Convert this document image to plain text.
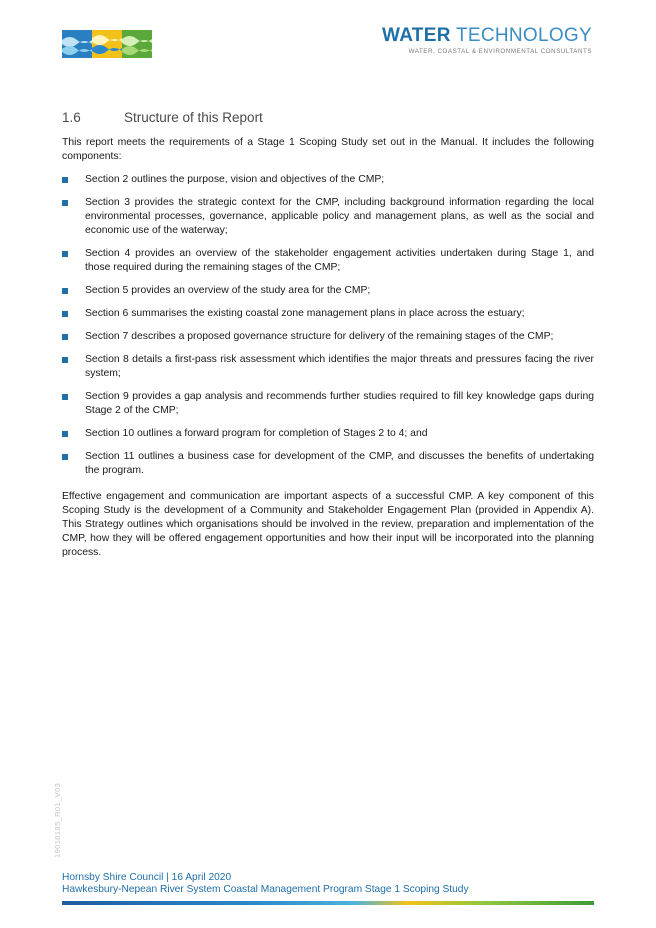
WATER TECHNOLOGY
WATER, COASTAL & ENVIRONMENTAL CONSULTANTS
1.6	Structure of this Report

This report meets the requirements of a Stage 1 Scoping Study set out in the Manual. It includes the following components:

Section 2 outlines the purpose, vision and objectives of the CMP;
Section 3 provides the strategic context for the CMP, including background information regarding the local environmental processes, governance, applicable policy and management plans, as well as the social and economic use of the waterway;
Section 4 provides an overview of the stakeholder engagement activities undertaken during Stage 1, and those required during the remaining stages of the CMP;
Section 5 provides an overview of the study area for the CMP;
Section 6 summarises the existing coastal zone management plans in place across the estuary;
Section 7 describes a proposed governance structure for delivery of the remaining stages of the CMP;
Section 8 details a first-pass risk assessment which identifies the major threats and pressures facing the river system;
Section 9 provides a gap analysis and recommends further studies required to fill key knowledge gaps during Stage 2 of the CMP;
Section 10 outlines a forward program for completion of Stages 2 to 4; and
Section 11 outlines a business case for development of the CMP, and discusses the benefits of undertaking the program.

Effective engagement and communication are important aspects of a successful CMP. A key component of this Scoping Study is the development of a Community and Stakeholder Engagement Plan (provided in Appendix A). This Strategy outlines which organisations should be involved in the review, preparation and implementation of the CMP, how they will be offered engagement opportunities and how their input will be incorporated into the planning process.

19010185_R01_V03
Hornsby Shire Council | 16 April 2020
Hawkesbury-Nepean River System Coastal Management Program Stage 1 Scoping Study
